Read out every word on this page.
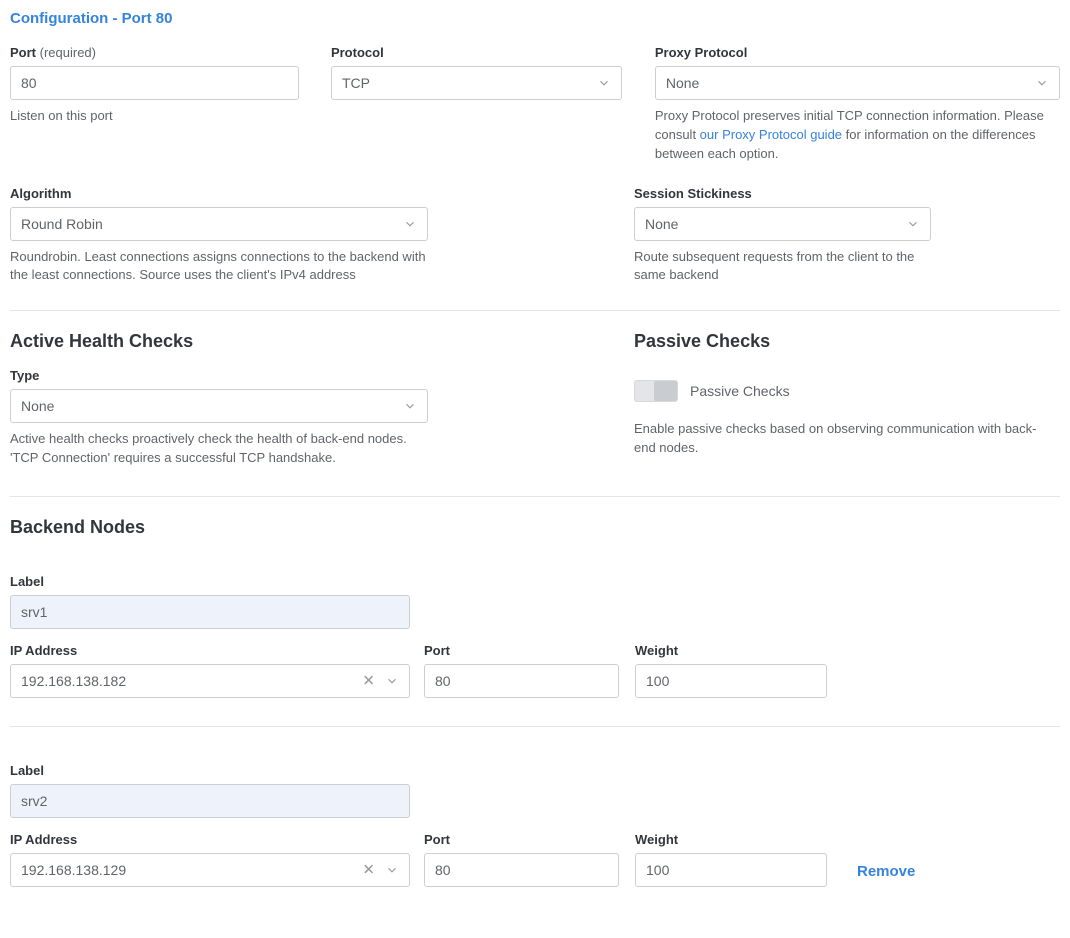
Configuration - Port 80
Port (required)
80
Listen on this port
Protocol
TCP
Proxy Protocol
None
Proxy Protocol preserves initial TCP connection information. Please consult our Proxy Protocol guide for information on the differences between each option.
Algorithm
Round Robin
Roundrobin. Least connections assigns connections to the backend with the least connections. Source uses the client's IPv4 address
Session Stickiness
None
Route subsequent requests from the client to the same backend
Active Health Checks
Type
None
Active health checks proactively check the health of back-end nodes. 'TCP Connection' requires a successful TCP handshake.
Passive Checks
Passive Checks
Enable passive checks based on observing communication with back-end nodes.
Backend Nodes
Label
srv1
IP Address
192.168.138.182	✕
Port
80	Weight
100
Label
srv2
IP Address
192.168.138.129	✕
Port
80	Weight
100
Remove
